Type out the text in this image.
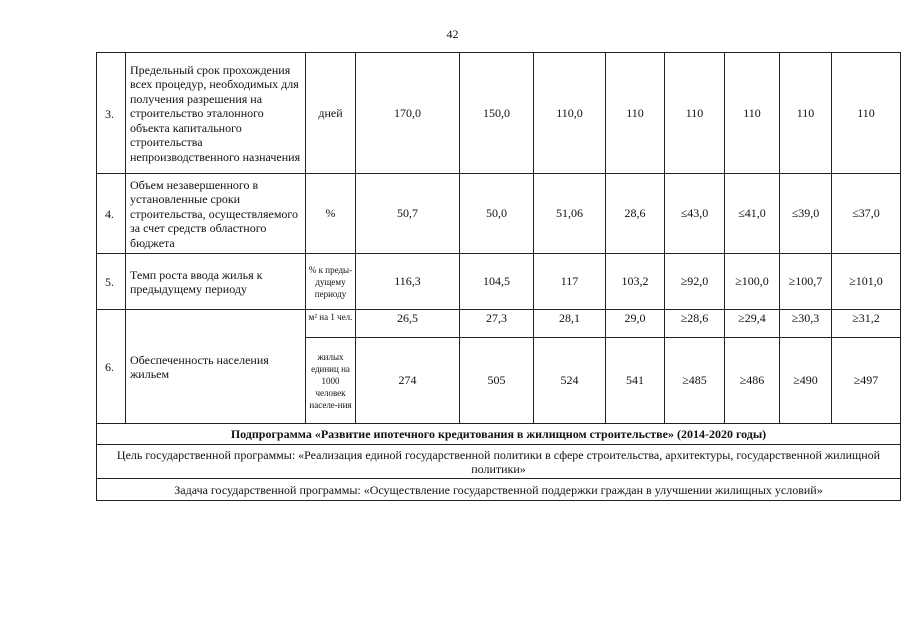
42
3.	Предельный срок прохождения всех процедур, необходимых для получения разрешения на строительство эталонного объекта капитального строительства непроизводственного назначения	дней	170,0	150,0	110,0	110	110	110	110	110
4.	Объем незавершенного в установленные сроки строительства, осуществляемого за счет средств областного бюджета	%	50,7	50,0	51,06	28,6	≤43,0	≤41,0	≤39,0	≤37,0
5.	Темп роста ввода жилья к предыдущему периоду	% к преды-дущему периоду	116,3	104,5	117	103,2	≥92,0	≥100,0	≥100,7	≥101,0
6.	Обеспеченность населения жильем	м² на 1 чел.	26,5	27,3	28,1	29,0	≥28,6	≥29,4	≥30,3	≥31,2

		жилых единиц на 1000 человек населе-ния	274	505	524	541	≥485	≥486	≥490	≥497
Подпрограмма «Развитие ипотечного кредитования в жилищном строительстве» (2014-2020 годы)										
Цель государственной программы: «Реализация единой государственной политики в сфере строительства, архитектуры, государственной жилищной политики»										
Задача государственной программы: «Осуществление государственной поддержки граждан в улучшении жилищных условий»										
